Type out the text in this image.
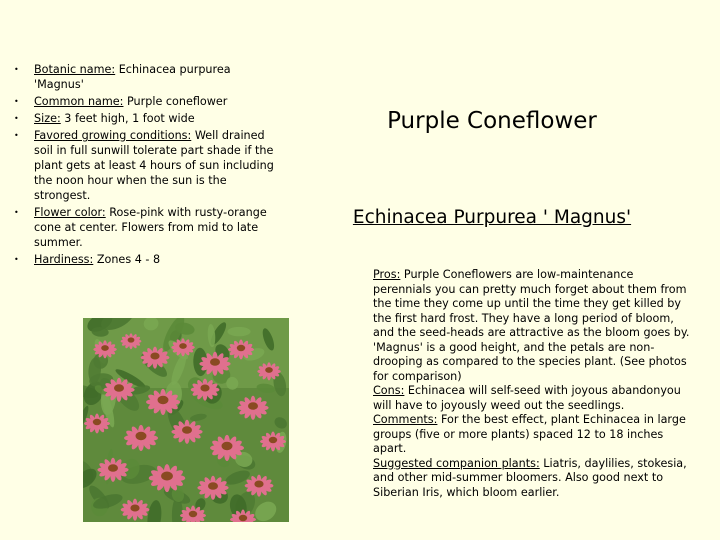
• Botanic name: Echinacea purpurea 'Magnus'
• Common name: Purple coneflower
• Size: 3 feet high, 1 foot wide
• Favored growing conditions: Well drained soil in full sunwill tolerate part shade if the plant gets at least 4 hours of sun including the noon hour when the sun is the strongest.
• Flower color: Rose-pink with rusty-orange cone at center. Flowers from mid to late summer.
• Hardiness: Zones 4 - 8
Purple Coneflower
Echinacea Purpurea ' Magnus'

Pros: Purple Coneflowers are low-maintenance perennials you can pretty much forget about them from the time they come up until the time they get killed by the first hard frost. They have a long period of bloom, and the seed-heads are attractive as the bloom goes by. 'Magnus' is a good height, and the petals are non-drooping as compared to the species plant. (See photos for comparison)

Cons: Echinacea will self-seed with joyous abandonyou will have to joyously weed out the seedlings.

Comments: For the best effect, plant Echinacea in large groups (five or more plants) spaced 12 to 18 inches apart.

Suggested companion plants: Liatris, daylilies, stokesia, and other mid-summer bloomers. Also good next to Siberian Iris, which bloom earlier.
